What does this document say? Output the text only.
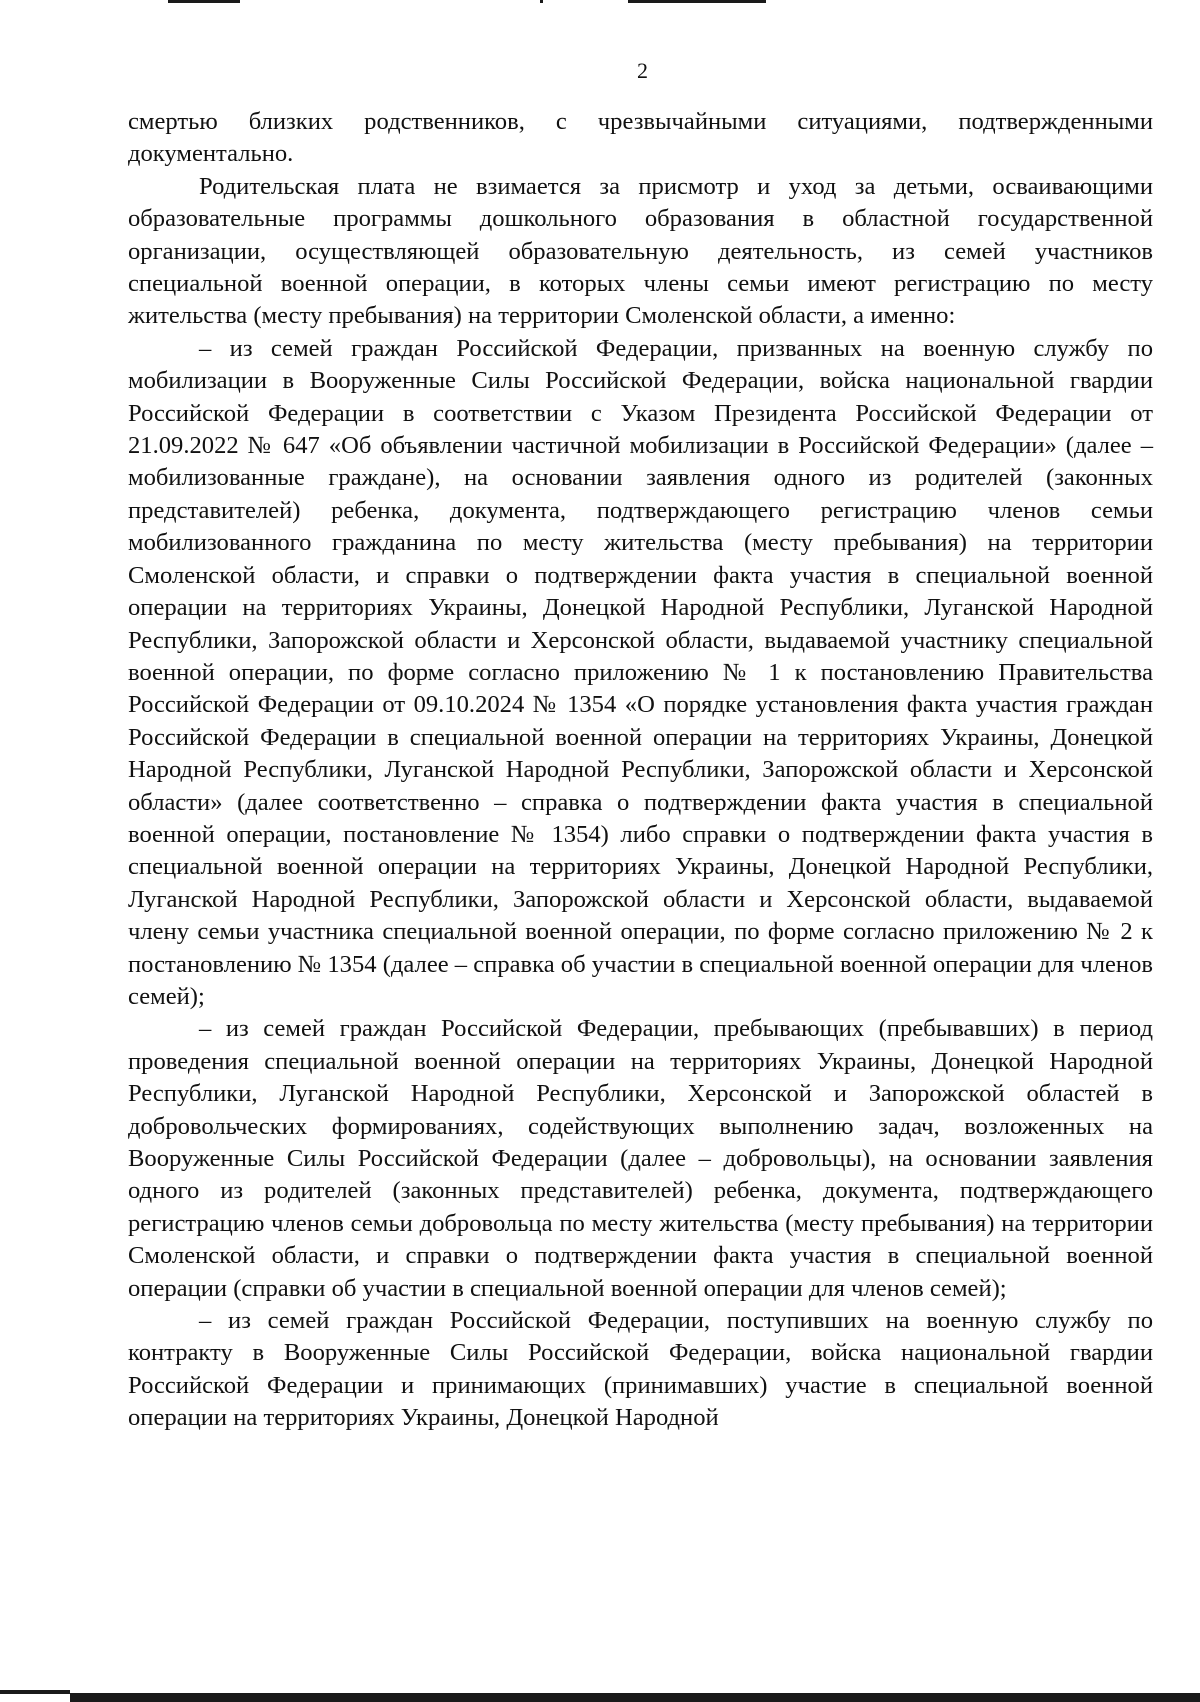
2

смертью близких родственников, с чрезвычайными ситуациями, подтвержденными документально.

Родительская плата не взимается за присмотр и уход за детьми, осваивающими образовательные программы дошкольного образования в областной государственной организации, осуществляющей образовательную деятельность, из семей участников специальной военной операции, в которых члены семьи имеют регистрацию по месту жительства (месту пребывания) на территории Смоленской области, а именно:

– из семей граждан Российской Федерации, призванных на военную службу по мобилизации в Вооруженные Силы Российской Федерации, войска национальной гвардии Российской Федерации в соответствии с Указом Президента Российской Федерации от 21.09.2022 № 647 «Об объявлении частичной мобилизации в Российской Федерации» (далее – мобилизованные граждане), на основании заявления одного из родителей (законных представителей) ребенка, документа, подтверждающего регистрацию членов семьи мобилизованного гражданина по месту жительства (месту пребывания) на территории Смоленской области, и справки о подтверждении факта участия в специальной военной операции на территориях Украины, Донецкой Народной Республики, Луганской Народной Республики, Запорожской области и Херсонской области, выдаваемой участнику специальной военной операции, по форме согласно приложению № 1 к постановлению Правительства Российской Федерации от 09.10.2024 № 1354 «О порядке установления факта участия граждан Российской Федерации в специальной военной операции на территориях Украины, Донецкой Народной Республики, Луганской Народной Республики, Запорожской области и Херсонской области» (далее соответственно – справка о подтверждении факта участия в специальной военной операции, постановление № 1354) либо справки о подтверждении факта участия в специальной военной операции на территориях Украины, Донецкой Народной Республики, Луганской Народной Республики, Запорожской области и Херсонской области, выдаваемой члену семьи участника специальной военной операции, по форме согласно приложению № 2 к постановлению № 1354 (далее – справка об участии в специальной военной операции для членов семей);

– из семей граждан Российской Федерации, пребывающих (пребывавших) в период проведения специальной военной операции на территориях Украины, Донецкой Народной Республики, Луганской Народной Республики, Херсонской и Запорожской областей в добровольческих формированиях, содействующих выполнению задач, возложенных на Вооруженные Силы Российской Федерации (далее – добровольцы), на основании заявления одного из родителей (законных представителей) ребенка, документа, подтверждающего регистрацию членов семьи добровольца по месту жительства (месту пребывания) на территории Смоленской области, и справки о подтверждении факта участия в специальной военной операции (справки об участии в специальной военной операции для членов семей);

– из семей граждан Российской Федерации, поступивших на военную службу по контракту в Вооруженные Силы Российской Федерации, войска национальной гвардии Российской Федерации и принимающих (принимавших) участие в специальной военной операции на территориях Украины, Донецкой Народной
